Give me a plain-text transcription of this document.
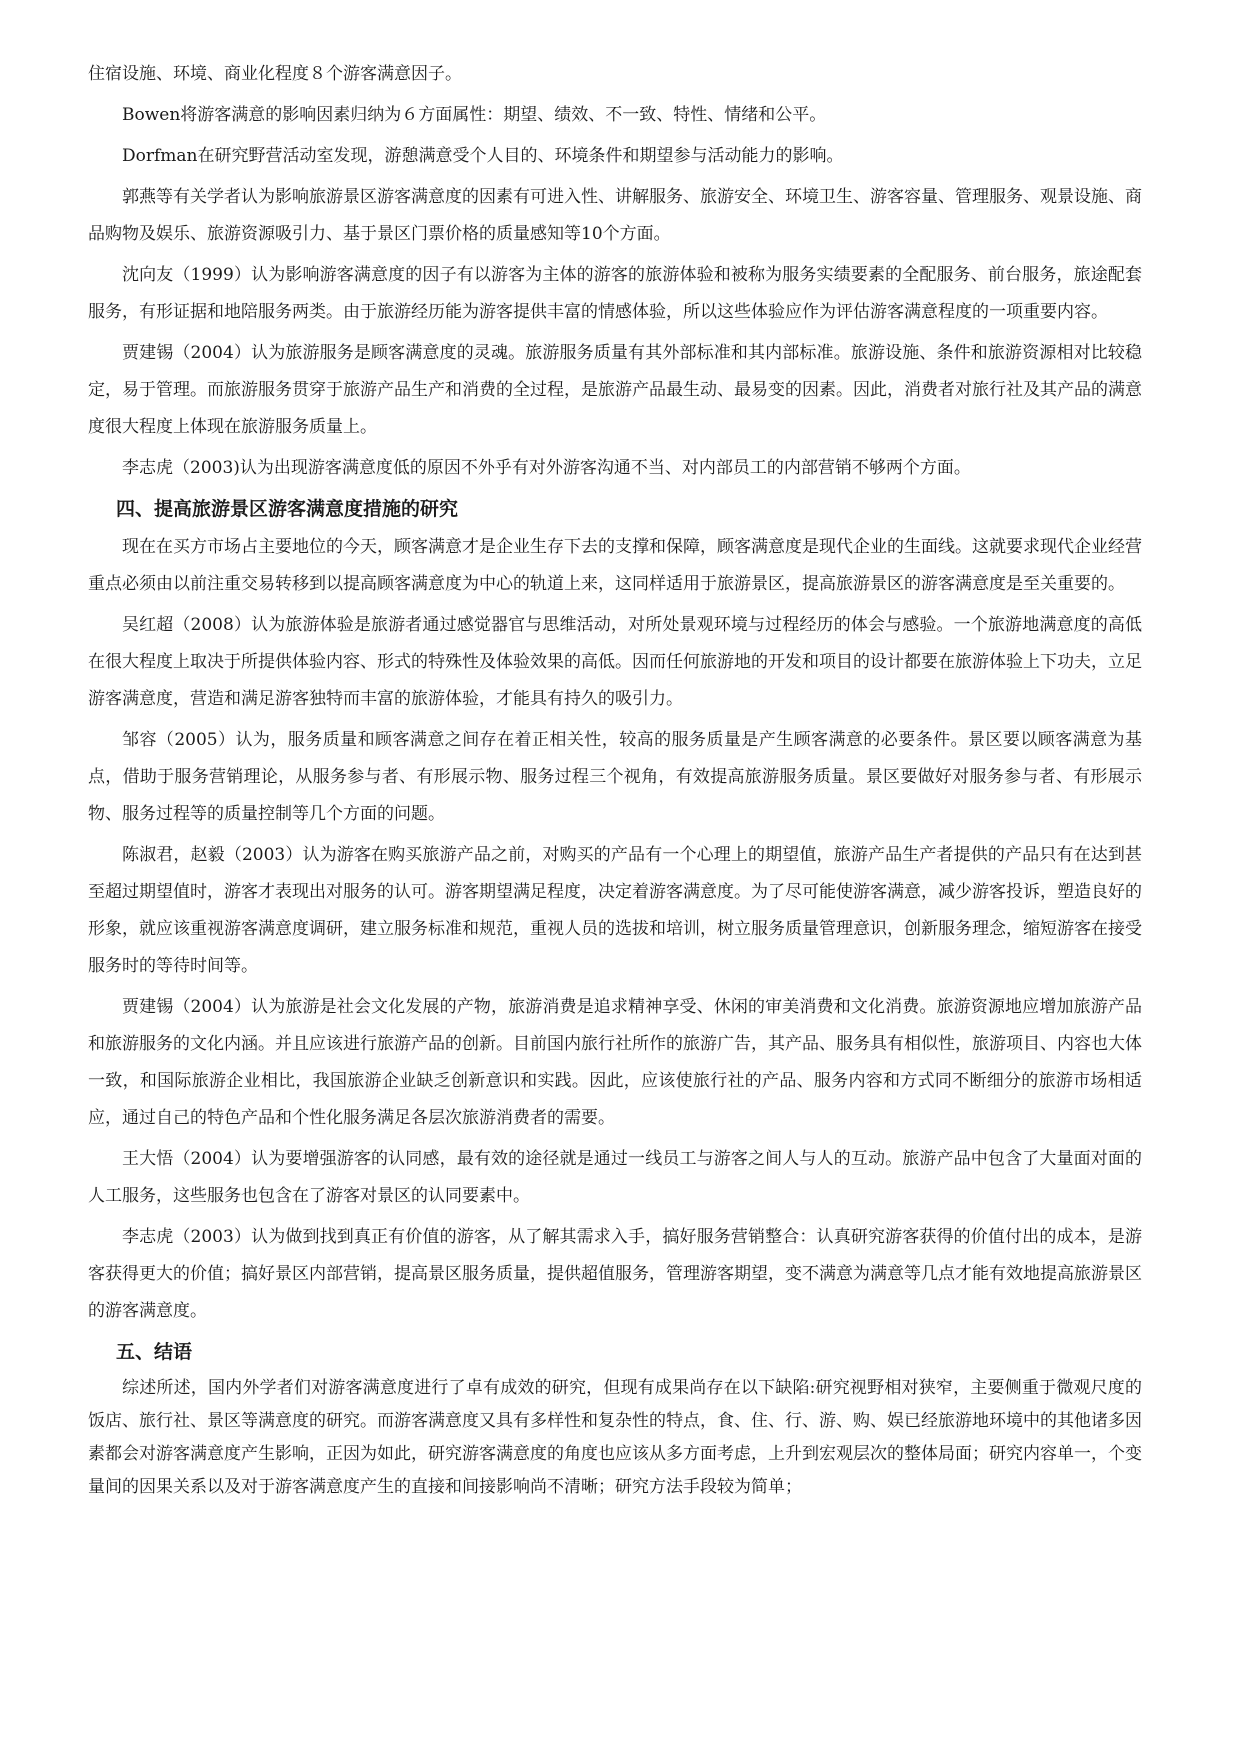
住宿设施、环境、商业化程度８个游客满意因子。

Bowen将游客满意的影响因素归纳为６方面属性：期望、绩效、不一致、特性、情绪和公平。

Dorfman在研究野营活动室发现，游憩满意受个人目的、环境条件和期望参与活动能力的影响。

郭燕等有关学者认为影响旅游景区游客满意度的因素有可进入性、讲解服务、旅游安全、环境卫生、游客容量、管理服务、观景设施、商品购物及娱乐、旅游资源吸引力、基于景区门票价格的质量感知等10个方面。

沈向友（1999）认为影响游客满意度的因子有以游客为主体的游客的旅游体验和被称为服务实绩要素的全配服务、前台服务，旅途配套服务，有形证据和地陪服务两类。由于旅游经历能为游客提供丰富的情感体验，所以这些体验应作为评估游客满意程度的一项重要内容。

贾建锡（2004）认为旅游服务是顾客满意度的灵魂。旅游服务质量有其外部标准和其内部标准。旅游设施、条件和旅游资源相对比较稳定，易于管理。而旅游服务贯穿于旅游产品生产和消费的全过程，是旅游产品最生动、最易变的因素。因此，消费者对旅行社及其产品的满意度很大程度上体现在旅游服务质量上。

李志虎（2003)认为出现游客满意度低的原因不外乎有对外游客沟通不当、对内部员工的内部营销不够两个方面。

四、提高旅游景区游客满意度措施的研究

现在在买方市场占主要地位的今天，顾客满意才是企业生存下去的支撑和保障，顾客满意度是现代企业的生面线。这就要求现代企业经营重点必须由以前注重交易转移到以提高顾客满意度为中心的轨道上来，这同样适用于旅游景区，提高旅游景区的游客满意度是至关重要的。

吴红超（2008）认为旅游体验是旅游者通过感觉器官与思维活动，对所处景观环境与过程经历的体会与感验。一个旅游地满意度的高低在很大程度上取决于所提供体验内容、形式的特殊性及体验效果的高低。因而任何旅游地的开发和项目的设计都要在旅游体验上下功夫，立足游客满意度，营造和满足游客独特而丰富的旅游体验，才能具有持久的吸引力。

邹容（2005）认为，服务质量和顾客满意之间存在着正相关性，较高的服务质量是产生顾客满意的必要条件。景区要以顾客满意为基点，借助于服务营销理论，从服务参与者、有形展示物、服务过程三个视角，有效提高旅游服务质量。景区要做好对服务参与者、有形展示物、服务过程等的质量控制等几个方面的问题。

陈淑君，赵毅（2003）认为游客在购买旅游产品之前，对购买的产品有一个心理上的期望值，旅游产品生产者提供的产品只有在达到甚至超过期望值时，游客才表现出对服务的认可。游客期望满足程度，决定着游客满意度。为了尽可能使游客满意，减少游客投诉，塑造良好的形象，就应该重视游客满意度调研，建立服务标准和规范，重视人员的选拔和培训，树立服务质量管理意识，创新服务理念，缩短游客在接受服务时的等待时间等。

贾建锡（2004）认为旅游是社会文化发展的产物，旅游消费是追求精神享受、休闲的审美消费和文化消费。旅游资源地应增加旅游产品和旅游服务的文化内涵。并且应该进行旅游产品的创新。目前国内旅行社所作的旅游广告，其产品、服务具有相似性，旅游项目、内容也大体一致，和国际旅游企业相比，我国旅游企业缺乏创新意识和实践。因此，应该使旅行社的产品、服务内容和方式同不断细分的旅游市场相适应，通过自己的特色产品和个性化服务满足各层次旅游消费者的需要。

王大悟（2004）认为要增强游客的认同感，最有效的途径就是通过一线员工与游客之间人与人的互动。旅游产品中包含了大量面对面的人工服务，这些服务也包含在了游客对景区的认同要素中。

李志虎（2003）认为做到找到真正有价值的游客，从了解其需求入手，搞好服务营销整合：认真研究游客获得的价值付出的成本，是游客获得更大的价值；搞好景区内部营销，提高景区服务质量，提供超值服务，管理游客期望，变不满意为满意等几点才能有效地提高旅游景区的游客满意度。

五、结语

综述所述，国内外学者们对游客满意度进行了卓有成效的研究，但现有成果尚存在以下缺陷:研究视野相对狭窄，主要侧重于微观尺度的饭店、旅行社、景区等满意度的研究。而游客满意度又具有多样性和复杂性的特点，食、住、行、游、购、娱已经旅游地环境中的其他诸多因素都会对游客满意度产生影响，正因为如此，研究游客满意度的角度也应该从多方面考虑，上升到宏观层次的整体局面；研究内容单一，个变量间的因果关系以及对于游客满意度产生的直接和间接影响尚不清晰；研究方法手段较为简单；
